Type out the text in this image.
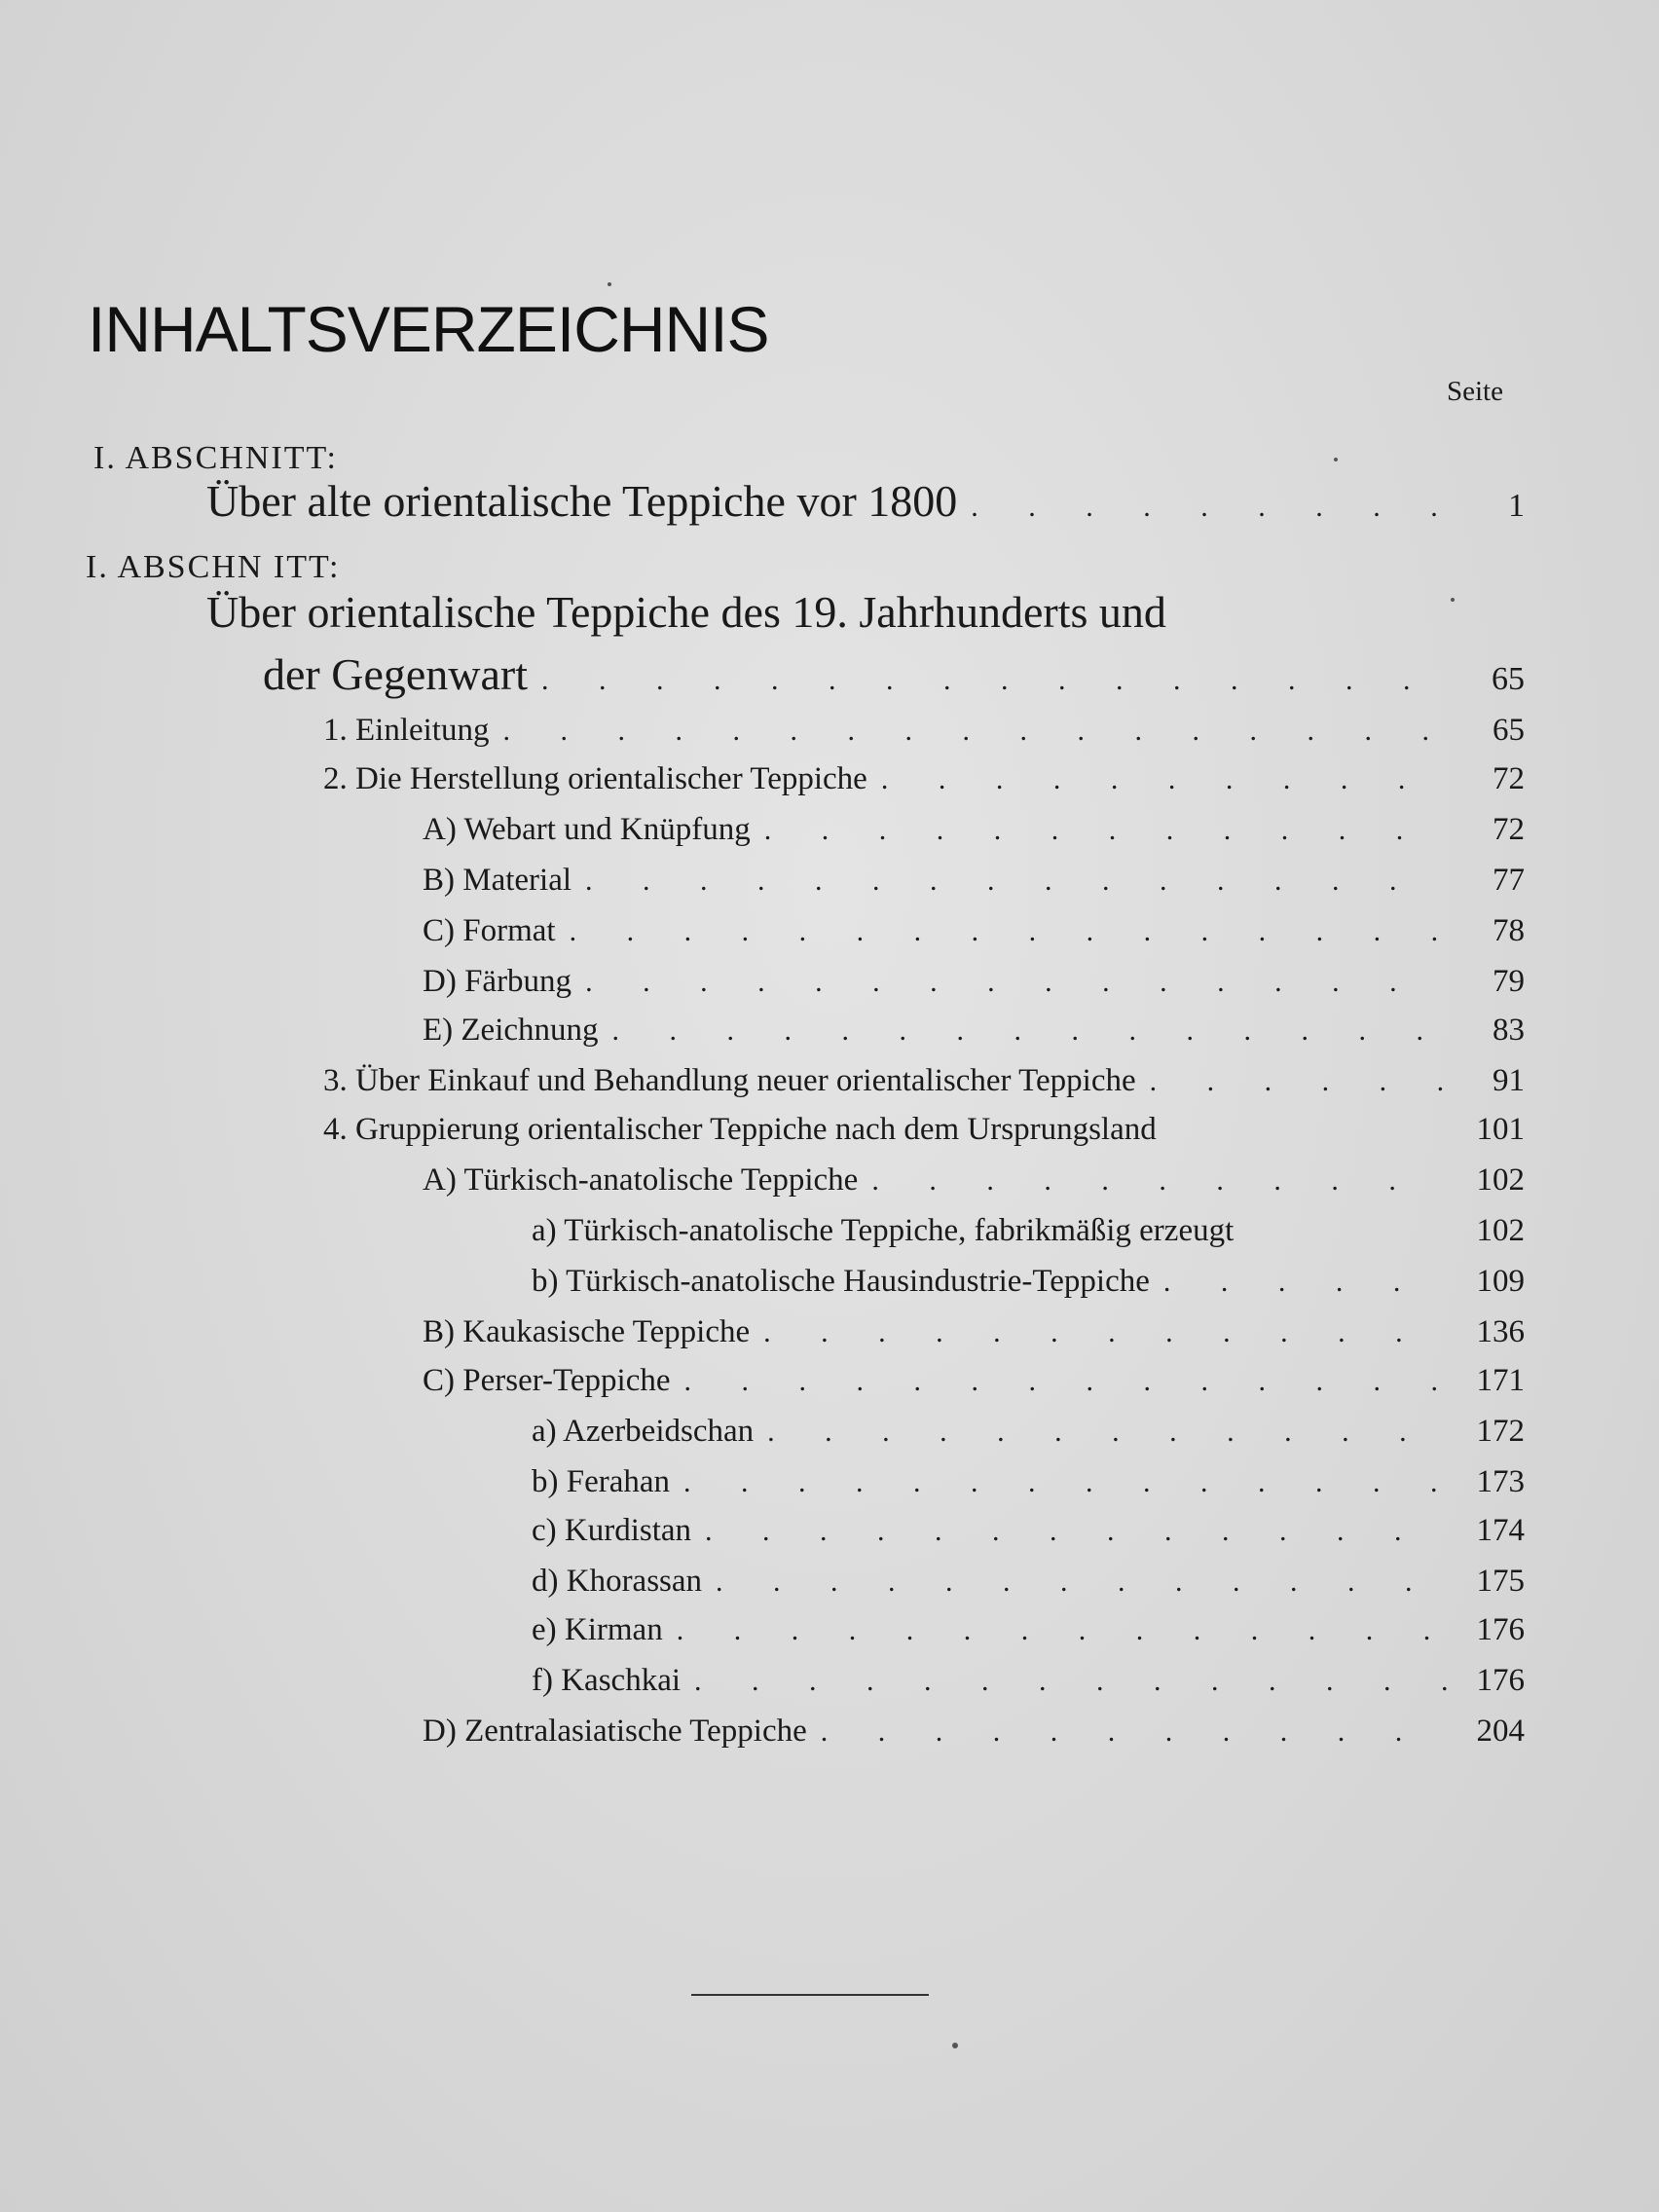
INHALTSVERZEICHNIS
Seite
I. ABSCHNITT:
Über alte orientalische Teppiche vor 1800 . . .	1
I. ABSCHN ITT:
Über orientalische Teppiche des 19. Jahrhunderts und
der Gegenwart . . .	65
1. Einleitung . . .	65
2. Die Herstellung orientalischer Teppiche . . .	72
A) Webart und Knüpfung . . .	72
B) Material . . .	77
C) Format . . .	78
D) Färbung . . .	79
E) Zeichnung . . .	83
3. Über Einkauf und Behandlung neuer orientalischer Teppiche . . .	91
4. Gruppierung orientalischer Teppiche nach dem Ursprungsland	101
A) Türkisch-anatolische Teppiche . . .	102
a) Türkisch-anatolische Teppiche, fabrikmäßig erzeugt	102
b) Türkisch-anatolische Hausindustrie-Teppiche . . .	109
B) Kaukasische Teppiche . . .	136
C) Perser-Teppiche . . .	171
a) Azerbeidschan . . .	172
b) Ferahan . . .	173
c) Kurdistan . . .	174
d) Khorassan . . .	175
e) Kirman . . .	176
f) Kaschkai . . .	176
D) Zentralasiatische Teppiche . . .	204
